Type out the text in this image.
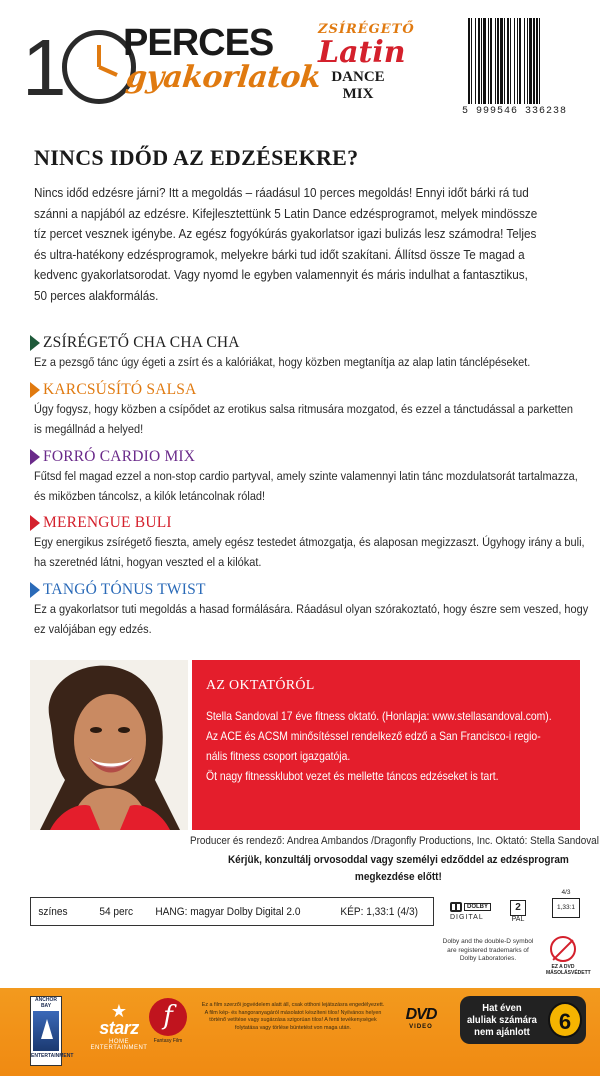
1 PERCES
gyakorlatok
ZSÍRÉGETŐ
Latin
DANCE MIX
5 999546 336238
NINCS IDŐD AZ EDZÉSEKRE?
Nincs időd edzésre járni? Itt a megoldás – ráadásul 10 perces megoldás! Ennyi időt bárki rá tud
szánni a napjából az edzésre. Kifejlesztettünk 5 Latin Dance edzésprogramot, melyek mindössze
tíz percet vesznek igénybe. Az egész fogyókúrás gyakorlatsor igazi bulizás lesz számodra! Teljes
és ultra-hatékony edzésprogramok, melyekre bárki tud időt szakítani. Állítsd össze Te magad a
kedvenc gyakorlatsorodat. Vagy nyomd le egyben valamennyit és máris indulhat a fantasztikus,
50 perces alakformálás.
ZSÍRÉGETŐ CHA CHA CHA
Ez a pezsgő tánc úgy égeti a zsírt és a kalóriákat, hogy közben megtanítja az alap latin tánclépéseket.
KARCSÚSÍTÓ SALSA
Úgy fogysz, hogy közben a csípődet az erotikus salsa ritmusára mozgatod, és ezzel a tánctudással a parketten
is megállnád a helyed!
FORRÓ CARDIO MIX
Fűtsd fel magad ezzel a non-stop cardio partyval, amely szinte valamennyi latin tánc mozdulatsorát tartalmazza,
és miközben táncolsz, a kilók letáncolnak rólad!
MERENGUE BULI
Egy energikus zsírégető fiesztа, amely egész testedet átmozgatja, és alaposan megizzaszt. Úgyhogy irány a buli,
ha szeretnéd látni, hogyan veszted el a kilókat.
TANGÓ TÓNUS TWIST
Ez a gyakorlatsor tuti megoldás a hasad formálására. Ráadásul olyan szórakoztató, hogy észre sem veszed, hogy
ez valójában egy edzés.
AZ OKTATÓRÓL
Stella Sandoval 17 éve fitness oktató. (Honlapja: www.stellasandoval.com).
Az ACE és ACSM minősítéssel rendelkező edző a San Francisco-i regio-
nális fitness csoport igazgatója.
Öt nagy fitnessklubot vezet és mellette táncos edzéseket is tart.
Producer és rendező: Andrea Ambandos /Dragonfly Productions, Inc. Oktató: Stella Sandoval
Kérjük, konzultálj orvosoddal vagy személyi edződdel az edzésprogram
megkezdése előtt!
színes	54 perc	HANG: magyar Dolby Digital 2.0	KÉP: 1,33:1 (4/3)	DOLBY
DIGITAL
2
PAL
4/3
1,33:1
Dolby and the double-D symbol are registered trademarks of Dolby Laboratories.
EZ A DVD MÁSOLÁSVÉDETT
ANCHOR BAY
ENTERTAINMENT
★
starz
HOME ENTERTAINMENT
f
Fantasy Film
Ez a film szerzői jogvédelem alatt áll, csak otthoni lejátszásra engedélyezett.
A film kép- és hangoranyagáról másolatot készíteni tilos! Nyilvános helyen
történő vetítése vagy sugárzása szigorúan tilos! A fenti tevékenységek
folytatása vagy törlése büntetést von maga után.
DVD
VIDEO
Hat éven
aluliak számára
nem ajánlott	6
